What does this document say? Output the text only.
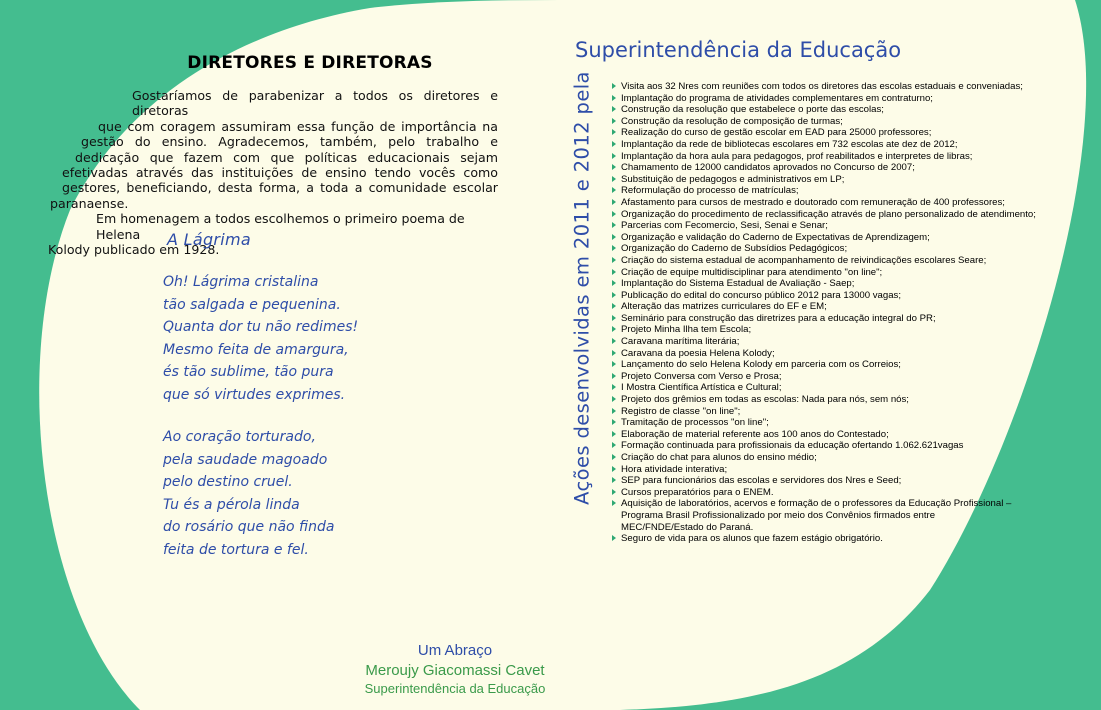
DIRETORES E DIRETORAS

Gostaríamos de parabenizar a todos os diretores e diretoras

que com coragem assumiram essa função de importância na

gestão do ensino. Agradecemos, também, pelo trabalho e

dedicação que fazem com que políticas educacionais sejam

efetivadas através das instituições de ensino tendo vocês como

gestores, beneficiando, desta forma, a toda a comunidade escolar

paranaense.

Em homenagem a todos escolhemos o primeiro poema de Helena

Kolody publicado em 1928.

A Lágrima
Oh! Lágrima cristalina
tão salgada e pequenina.
Quanta dor tu não redimes!
Mesmo feita de amargura,
és tão sublime, tão pura
que só virtudes exprimes.
Ao coração torturado,
pela saudade magoado
pelo destino cruel.
Tu és a pérola linda
do rosário que não finda
feita de tortura e fel.
Um Abraço
Meroujy Giacomassi Cavet
Superintendência da Educação
Superintendência da Educação
Ações desenvolvidas em 2011 e 2012 pela	Visita aos 32 Nres com reuniões com todos os diretores das escolas estaduais e conveniadas;
Implantação do programa de atividades complementares em contraturno;
Construção da resolução que estabelece o porte das escolas;
Construção da resolução de composição de turmas;
Realização do curso de gestão escolar em EAD para 25000 professores;
Implantação da rede de bibliotecas escolares em 732 escolas ate dez de 2012;
Implantação da hora aula para pedagogos, prof reabilitados e interpretes de libras;
Chamamento de 12000 candidatos aprovados no Concurso de 2007;
Substituição de pedagogos e administrativos em LP;
Reformulação do processo de matrículas;
Afastamento para cursos de mestrado e doutorado com remuneração de 400 professores;
Organização do procedimento de reclassificação através de plano personalizado de atendimento;
Parcerias com Fecomercio, Sesi, Senai e Senar;
Organização e validação do Caderno de Expectativas de Aprendizagem;
Organização do Caderno de Subsídios Pedagógicos;
Criação do sistema estadual de acompanhamento de reivindicações escolares Seare;
Criação de equipe multidisciplinar para atendimento "on line";
Implantação do Sistema Estadual de Avaliação - Saep;
Publicação do edital do concurso público 2012 para 13000 vagas;
Alteração das matrizes curriculares do EF e EM;
Seminário para construção das diretrizes para a educação integral do PR;
Projeto Minha Ilha tem Escola;
Caravana marítima literária;
Caravana da poesia Helena Kolody;
Lançamento do selo Helena Kolody em parceria com os Correios;
Projeto Conversa com Verso e Prosa;
I Mostra Científica Artística e Cultural;
Projeto dos grêmios em todas as escolas: Nada para nós, sem nós;
Registro de classe "on line";
Tramitação de processos "on line";
Elaboração de material referente aos 100 anos do Contestado;
Formação continuada para profissionais da educação ofertando 1.062.621vagas
Criação do chat para alunos do ensino médio;
Hora atividade interativa;
SEP para funcionários das escolas e servidores dos Nres e Seed;
Cursos preparatórios para o ENEM.
Aquisição de laboratórios, acervos e formação de o professores da Educação Profissional –
Programa Brasil Profissionalizado por meio dos Convênios firmados entre
MEC/FNDE/Estado do Paraná.
Seguro de vida para os alunos que fazem estágio obrigatório.
